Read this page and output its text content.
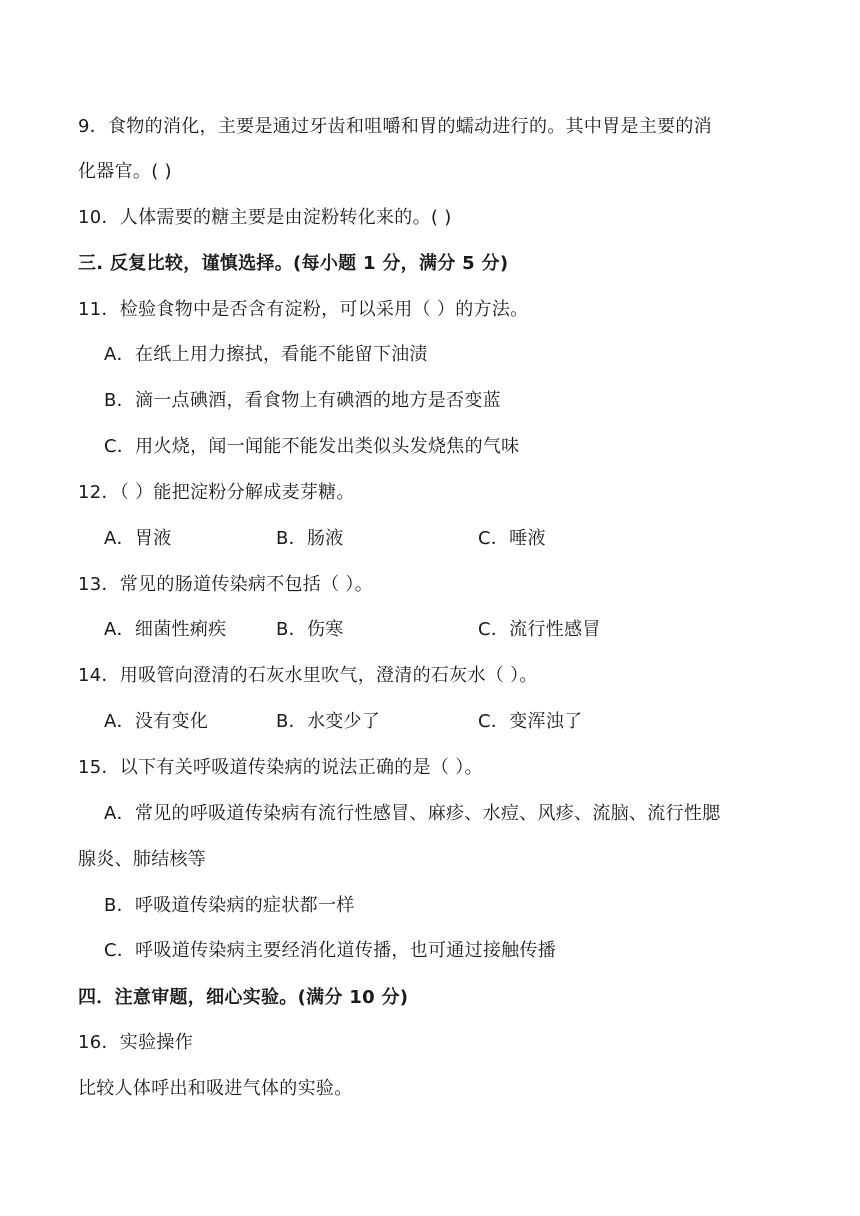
9．食物的消化，主要是通过牙齿和咀嚼和胃的蠕动进行的。其中胃是主要的消
化器官。( )
10．人体需要的糖主要是由淀粉转化来的。( )
三. 反复比较，谨慎选择。(每小题 1 分，满分 5 分)
11．检验食物中是否含有淀粉，可以采用（ ）的方法。
A．在纸上用力擦拭，看能不能留下油渍
B．滴一点碘酒，看食物上有碘酒的地方是否变蓝
C．用火烧，闻一闻能不能发出类似头发烧焦的气味
12．（ ）能把淀粉分解成麦芽糖。
A．胃液	B．肠液	C．唾液
13．常见的肠道传染病不包括（ ）。
A．细菌性痢疾	B．伤寒	C．流行性感冒
14．用吸管向澄清的石灰水里吹气，澄清的石灰水（ ）。
A．没有变化	B．水变少了	C．变浑浊了
15．以下有关呼吸道传染病的说法正确的是（ ）。
A．常见的呼吸道传染病有流行性感冒、麻疹、水痘、风疹、流脑、流行性腮
腺炎、肺结核等
B．呼吸道传染病的症状都一样
C．呼吸道传染病主要经消化道传播，也可通过接触传播
四．注意审题，细心实验。(满分 10 分)
16．实验操作
比较人体呼出和吸进气体的实验。
